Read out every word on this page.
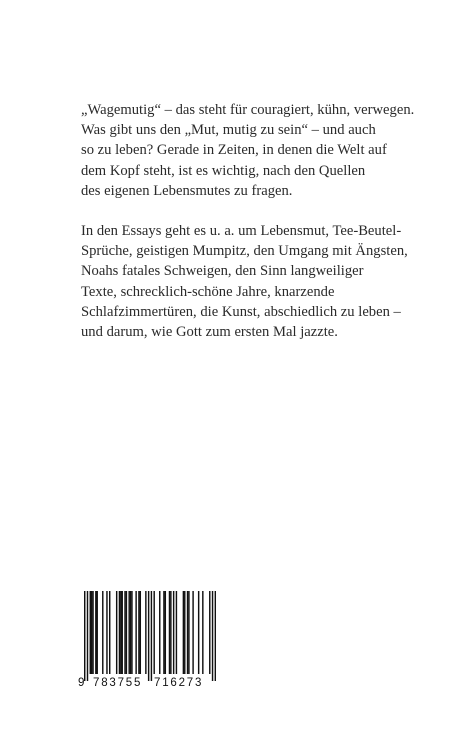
„Wagemutig“ – das steht für couragiert, kühn, verwegen.
Was gibt uns den „Mut, mutig zu sein“ – und auch
so zu leben? Gerade in Zeiten, in denen die Welt auf
dem Kopf steht, ist es wichtig, nach den Quellen
des eigenen Lebensmutes zu fragen.

In den Essays geht es u. a. um Lebensmut, Tee-Beutel-
Sprüche, geistigen Mumpitz, den Umgang mit Ängsten,
Noahs fatales Schweigen, den Sinn langweiliger
Texte, schrecklich-schöne Jahre, knarzende
Schlafzimmertüren, die Kunst, abschiedlich zu leben –
und darum, wie Gott zum ersten Mal jazzte.

9 783755 716273
